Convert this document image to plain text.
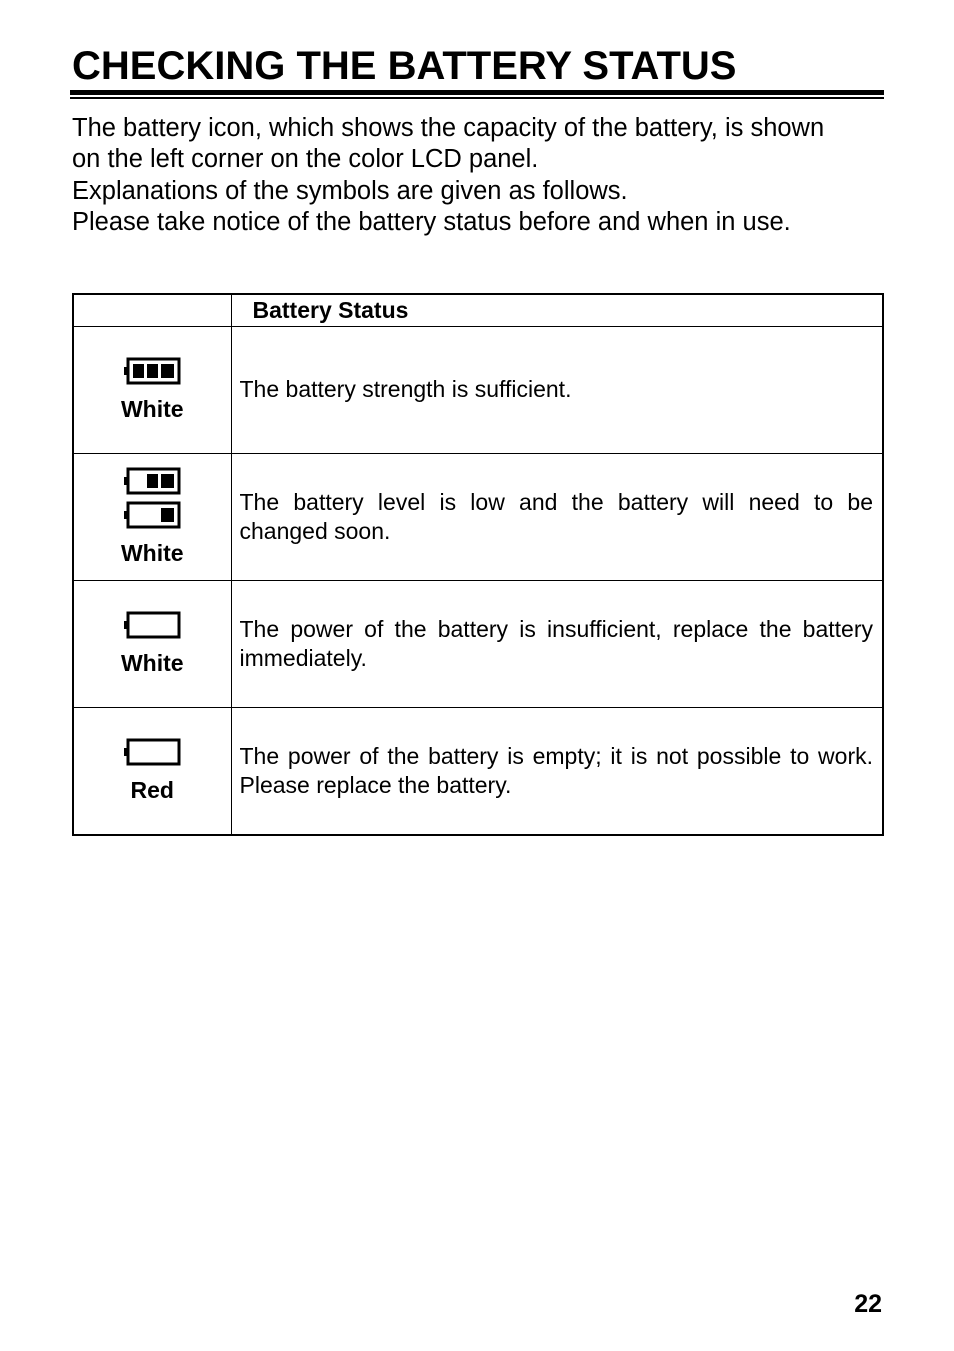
CHECKING THE BATTERY STATUS

The battery icon, which shows the capacity of the battery, is shown

on the left corner on the color LCD panel.

Explanations of the symbols are given as follows.

Please take notice of the battery status before and when in use.

	Battery Status

White	The battery strength is sufficient.

White	The battery level is low and the battery will need to be changed soon.

White	The power of the battery is insufficient, replace the battery immediately.

Red	The power of the battery is empty; it is not possible to work.　Please replace the battery.
22
